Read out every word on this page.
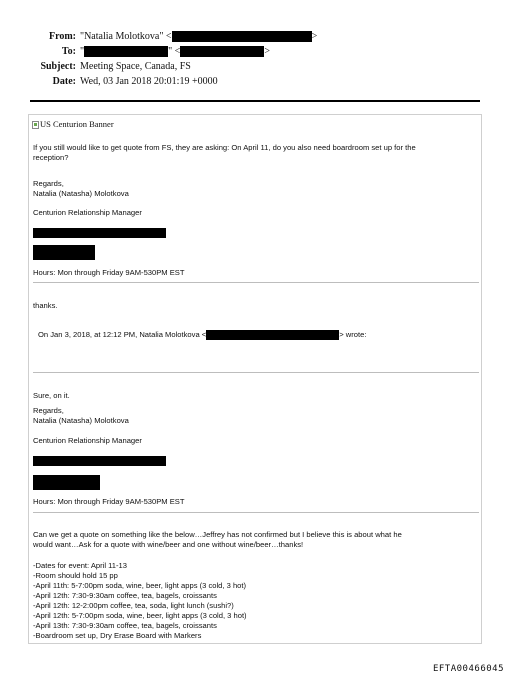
From: "Natalia Molotkova" <	>
To: "	" <	>
Subject: Meeting Space, Canada, FS
Date: Wed, 03 Jan 2018 20:01:19 +0000
US Centurion Banner
If you still would like to get quote from FS, they are asking: On April 11, do you also need boardroom set up for the
reception?
Regards,
Natalia (Natasha) Molotkova
Centurion Relationship Manager
Hours: Mon through Friday 9AM-530PM EST
thanks.
On Jan 3, 2018, at 12:12 PM, Natalia Molotkova <	> wrote:
Sure, on it.
Regards,
Natalia (Natasha) Molotkova
Centurion Relationship Manager
Hours: Mon through Friday 9AM-530PM EST
Can we get a quote on something like the below…Jeffrey has not confirmed but I believe this is about what he
would want…Ask for a quote with wine/beer and one without wine/beer…thanks!
-Dates for event: April 11-13
-Room should hold 15 pp
-April 11th: 5-7:00pm soda, wine, beer, light apps (3 cold, 3 hot)
-April 12th: 7:30-9:30am coffee, tea, bagels, croissants
-April 12th: 12-2:00pm coffee, tea, soda, light lunch (sushi?)
-April 12th: 5-7:00pm soda, wine, beer, light apps (3 cold, 3 hot)
-April 13th: 7:30-9:30am coffee, tea, bagels, croissants
-Boardroom set up, Dry Erase Board with Markers
EFTA00466045
